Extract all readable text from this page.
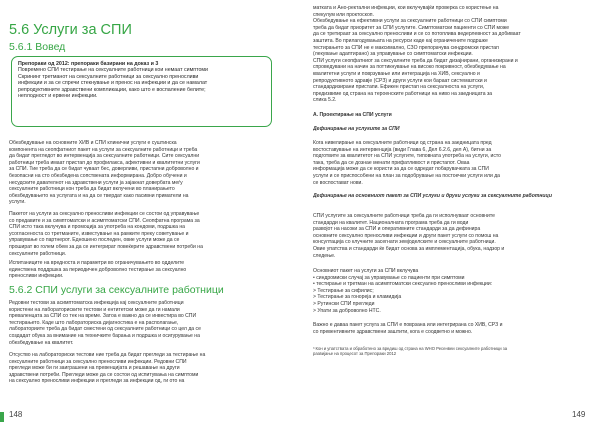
5.6 Услуги за СПИ
5.6.1 Вовед
Препораки од 2012: препораки базирани на доказ и 3
Повремено СПИ тестирање на сексуалните работници кои немаат симптоми
Скрининг третманот на сексуалните работници за сексуално преносливи
инфекции и за се спречи стекнување и пренос на инфекции и да се намалат
репродуктивните здравствени компликации, како што е воспаление белите;
неплодност и ервени инфекции.
Обезбедување на основните ХИВ и СПИ клинични услуги е суштинска
компонента на сеопфатниот пакет на услуги за сексуалните работници и треба
да бидат прегледот во интервенција за сексуалните работници. Сите сексуални
работници треба имаат пристап до профилакса, афективни и квалитетни услуги
за СПИ. Тие треба да се бидат чуваат бес, доверливи, пристапни доброволно и
безопасни на сто обезбедена сопствената информирана. Добро обучени и
несудските давателнот на здравствени услуги ја зајакнат довербата меѓу
сексуалните работници кон треба да бидат вклучени во планирањето
обезбедувањето на услугата и на да се твердат како пасивни приматели на
услуги.
Пакетот на услуги за сексуално преносливи инфекции се состои од управување
со предавите и за симптоматски и асимптоматски СПИ. Сеопфатна програма за
СПИ исто така вклучува и промоција за употреба на кондоми, подршка на
усогласеноста со третманите, известување на рамките преку советување и
управување со партнерот. Едношено последен, овие услуги може да се
прошират во голем обем за да се интегрират повеќерите здравствени потреби на
сексуалните работници.
Испитаниците на вредноста и параметри во ограничувањето во одделите
единствена поддршка за периодичен доброволно тестирање за сексуално
преносливи инфекции.
5.6.2 СПИ услуги за сексуалните работници
Редовни тестови за асимптоматска инфекција кај сексуалните работници
користени на лабораториските тестови и ентитетски може да ги намали
преваленцата за СПИ со тек на време. Затоа е важно да се инвестира во СПИ
тестирањето. Каде што лабораториска дијагностика е на располагање,
лабораториите треба да бидат сместени од сексуалните работници со цел да се
создадат обука за внимание на техничките барања и подршка и осигурување на
обезбедување на квалитет.
Отсуство на лабораториски тестови ние треба да бидат прегледи за тестирање на
сексуалните работници за сексуално преносливи инфекции. Редовни СПИ
прегледи може би ги заиграшени на превенцијата и решавање на други
здравствени потреби. Прегледи може да се состои од испитувања на симптоми
на сексуално преносливи инфекции и прегледи за инфекции од, ги ото на
148
матката и Ано-ректални инфекции, кои вклучувајќи проверка со користење на
спекулум или проктоскоп.
Обезбедување на ефективни услуги за сексуалните работници со СПИ симптоми
треба да бидат приоритет за СПИ услугите. Симптоматски пациенти со СПИ може
да се третираат за сексуално преносливи и се со потоплива ведерлевност за добиваат
заштита. Во прилагодувањата на ресурси каде кај ограничените подршке
тестирањето за СПИ не е максимално, СЗО препорачува синдромски пристап
(лекување адаптирано) за управување со симптоматски инфекции.
СПИ услуги сеопфатниот за сексуалните треба да бидат дизајнирани, организирани и
спроведувани на начин за поттикнување на високо покривност, обезбедување на
квалитетни услуги и поврзување или интеграција на ХИВ, сексуално и
репродуктивното здравје (СРЗ) и други услуги кои бараат системазтски и
стандардизирани пристапи. Ефикен пристап на сексуалноста на услуги,
предизвиме од страна на тероенските работници на ниво на заедницата за
слика 5.2.
А. Проектирање на СПИ услуги
Дефинирање на услугите за СПИ
Кога нивелирање на сексуалните работници од страна на заедницата пред
востоставување на интервенција (види Глава 6, Дел 6.2.6, дел А), битни за
подготвите за квалитетот на СПИ услугите, типовната употреба на услуги, исто
така, треба да се дознае менати прифатливост и пристапот. Оваа
информација може да се користи за да се одредат побарувачката за СПИ
услуги и се приспособени на план за подобрување на постоечки услуги или да
се воспостават нови.
Дефинирање на основниот пакет за СПИ услуги и други услуги за сексуалните работници
СПИ услугите за сексуалните работници треба да ги исполнуваат основните
стандарди на квалитет. Националната програма треба да ги води
развојот на насоки за СПИ и оперативните стандарди за да дефинира
основните сексуално преносливи инфекции и други пакет услуги со помош на
консултација со клучните засегнати земјоделските и сексуалните работници.
Овие упатства и стандарди ќе бидат основа за имплементација, обука, надзор и
следење.
Основниот пакет на услуги за СПИ вклучува
• синдромиски случај за управување со пациенти при симптоми
• тестирање и третман на асимптоматски сексуално преносливи инфекции:
> Тестирање за сифилис;
> Тестирање за гонореја и кламидија
> Рутински СПИ прегледи
> Упати за доброволно HTC.
Важно е даваа пакет услуга за СПИ е поврзана или интегрирана со ХИВ, СРЗ и
со превентивните здравствени заштити, кога е соодветно и можно.
³ Кон и упатствата и обработено за вредиш од страна на WHO Ресенвеи сексуалните работници за
развијање на процесот за Препораки 2012
149
